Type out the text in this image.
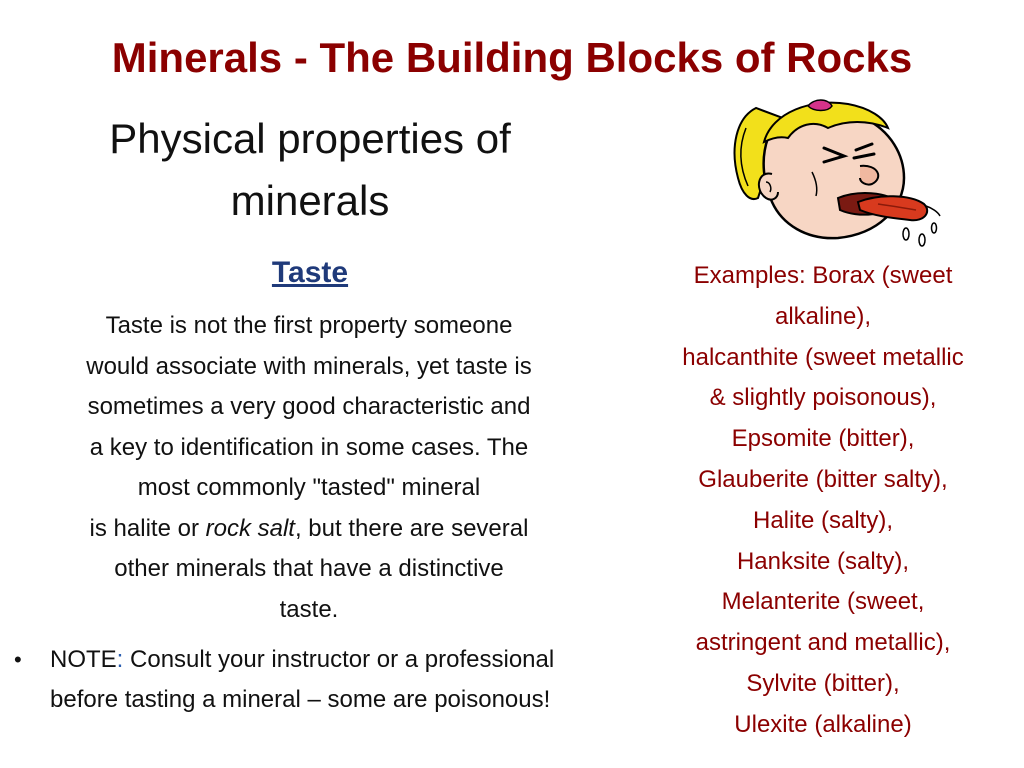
Minerals - The Building Blocks of Rocks
Physical properties of
minerals
Taste
Taste is not the first property someone
would associate with minerals, yet taste is
sometimes a very good characteristic and
a key to identification in some cases. The
most commonly "tasted" mineral
is halite or rock salt, but there are several
other minerals that have a distinctive
taste.
• NOTE: Consult your instructor or a professional before tasting a mineral – some are poisonous!
Examples: Borax (sweet
alkaline),
halcanthite (sweet metallic
& slightly poisonous),
Epsomite (bitter),
Glauberite (bitter salty),
Halite (salty),
Hanksite (salty),
Melanterite (sweet,
astringent and metallic),
Sylvite (bitter),
Ulexite (alkaline)
